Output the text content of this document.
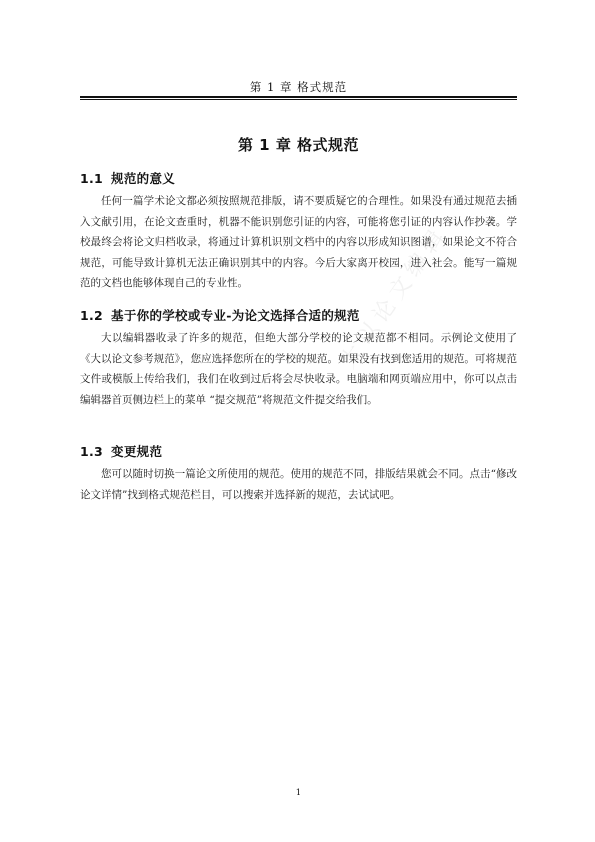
第 1 章 格式规范
第 1 章 格式规范
1.1 规范的意义

任何一篇学术论文都必须按照规范排版，请不要质疑它的合理性。如果没有通过规范去插入文献引用，在论文查重时，机器不能识别您引证的内容，可能将您引证的内容认作抄袭。学校最终会将论文归档收录，将通过计算机识别文档中的内容以形成知识图谱，如果论文不符合规范，可能导致计算机无法正确识别其中的内容。今后大家离开校园，进入社会。能写一篇规范的文档也能够体现自己的专业性。

1.2 基于你的学校或专业-为论文选择合适的规范

大以编辑器收录了许多的规范，但绝大部分学校的论文规范都不相同。示例论文使用了《大以论文参考规范》，您应选择您所在的学校的规范。如果没有找到您适用的规范。可将规范文件或模版上传给我们，我们在收到过后将会尽快收录。电脑端和网页端应用中，你可以点击编辑器首页侧边栏上的菜单 “提交规范”将规范文件提交给我们。

1.3 变更规范

您可以随时切换一篇论文所使用的规范。使用的规范不同，排版结果就会不同。点击“修改论文详情”找到格式规范栏目，可以搜索并选择新的规范，去试试吧。

大以论文编辑
1
